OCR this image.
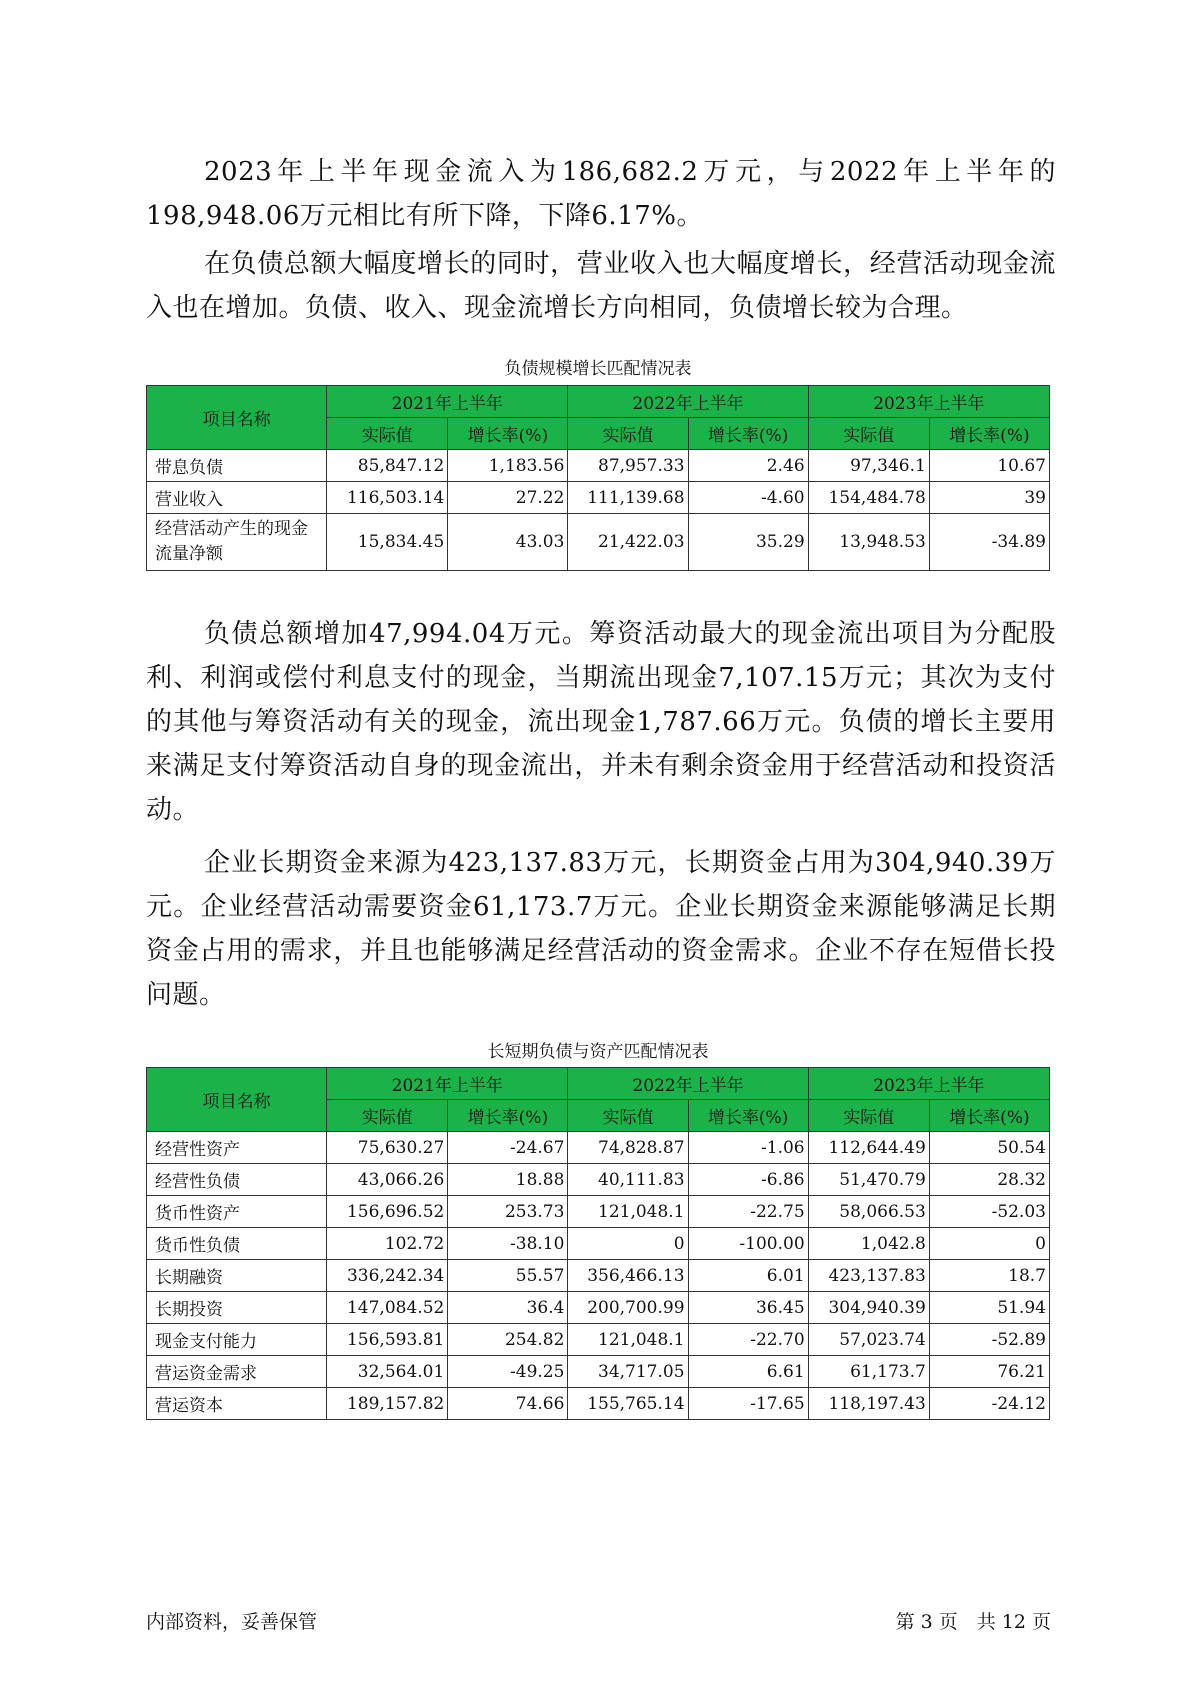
2023年上半年现金流入为186,682.2万元，与2022年上半年的198,948.06万元相比有所下降，下降6.17%。

在负债总额大幅度增长的同时，营业收入也大幅度增长，经营活动现金流入也在增加。负债、收入、现金流增长方向相同，负债增长较为合理。

负债规模增长匹配情况表
项目名称	2021年上半年		2022年上半年		2023年上半年	
	实际值	增长率(%)	实际值	增长率(%)	实际值	增长率(%)
带息负债	85,847.12	1,183.56	87,957.33	2.46	97,346.1	10.67
营业收入	116,503.14	27.22	111,139.68	-4.60	154,484.78	39
经营活动产生的现金流量净额	15,834.45	43.03	21,422.03	35.29	13,948.53	-34.89

负债总额增加47,994.04万元。筹资活动最大的现金流出项目为分配股利、利润或偿付利息支付的现金，当期流出现金7,107.15万元；其次为支付的其他与筹资活动有关的现金，流出现金1,787.66万元。负债的增长主要用来满足支付筹资活动自身的现金流出，并未有剩余资金用于经营活动和投资活动。

企业长期资金来源为423,137.83万元，长期资金占用为304,940.39万元。企业经营活动需要资金61,173.7万元。企业长期资金来源能够满足长期资金占用的需求，并且也能够满足经营活动的资金需求。企业不存在短借长投问题。

长短期负债与资产匹配情况表
项目名称	2021年上半年		2022年上半年		2023年上半年	
	实际值	增长率(%)	实际值	增长率(%)	实际值	增长率(%)
经营性资产	75,630.27	-24.67	74,828.87	-1.06	112,644.49	50.54
经营性负债	43,066.26	18.88	40,111.83	-6.86	51,470.79	28.32
货币性资产	156,696.52	253.73	121,048.1	-22.75	58,066.53	-52.03
货币性负债	102.72	-38.10	0	-100.00	1,042.8	0
长期融资	336,242.34	55.57	356,466.13	6.01	423,137.83	18.7
长期投资	147,084.52	36.4	200,700.99	36.45	304,940.39	51.94
现金支付能力	156,593.81	254.82	121,048.1	-22.70	57,023.74	-52.89
营运资金需求	32,564.01	-49.25	34,717.05	6.61	61,173.7	76.21
营运资本	189,157.82	74.66	155,765.14	-17.65	118,197.43	-24.12
内部资料，妥善保管	第 3 页　共 12 页
